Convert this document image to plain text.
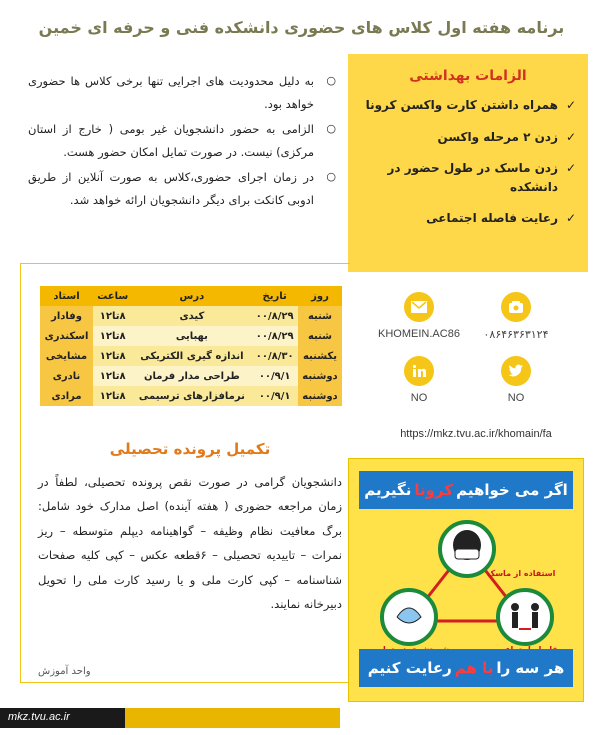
برنامه هفته اول کلاس های حضوری دانشکده فنی و حرفه ای خمین
الزامات بهداشتی
✓ همراه داشتن کارت واکسن کرونا
✓ زدن ۲ مرحله واکسن
✓ زدن ماسک در طول حضور در دانشکده
✓ رعایت فاصله اجتماعی
○ به دلیل محدودیت های اجرایی تنها برخی کلاس ها حضوری خواهد بود.
○ الزامی به حضور دانشجویان غیر بومی ( خارج از استان مرکزی) نیست. در صورت تمایل امکان حضور هست.
○ در زمان اجرای حضوری،کلاس به صورت آنلاین از طریق ادوبی کانکت برای دیگر دانشجویان ارائه خواهد شد.
روز	تاریخ	درس	ساعت	استاد
شنبه	۰۰/۸/۲۹	کیدی	۸تا۱۲	وفادار
شنبه	۰۰/۸/۲۹	بهبایی	۸تا۱۲	اسکندری
یکشنبه	۰۰/۸/۳۰	اندازه گیری الکتریکی	۸تا۱۲	مشایخی
دوشنبه	۰۰/۹/۱	طراحی مدار فرمان	۸تا۱۲	نادری
دوشنبه	۰۰/۹/۱	نرمافزارهای ترسیمی	۸تا۱۲	مرادی
تکمیل پرونده تحصیلی
دانشجویان گرامی در صورت نقص پرونده تحصیلی، لطفاً در زمان مراجعه حضوری ( هفته آینده) اصل مدارک خود شامل: برگ معافیت نظام وظیفه – گواهینامه دیپلم متوسطه – ریز نمرات – تاییدیه تحصیلی – ۶قطعه عکس – کپی کلیه صفحات شناسنامه – کپی کارت ملی و یا رسید کارت ملی را تحویل دبیرخانه نمایند.
واحد آموزش
۰۸۶۴۶۳۶۳۱۲۴
KHOMEIN.AC86
NO
NO
https://mkz.tvu.ac.ir/khomain/fa
اگر می خواهیم
کرونا
نگیریم
استفاده از ماسک
هر سه را
با هم
رعایت کنیم
mkz.tvu.ac.ir
